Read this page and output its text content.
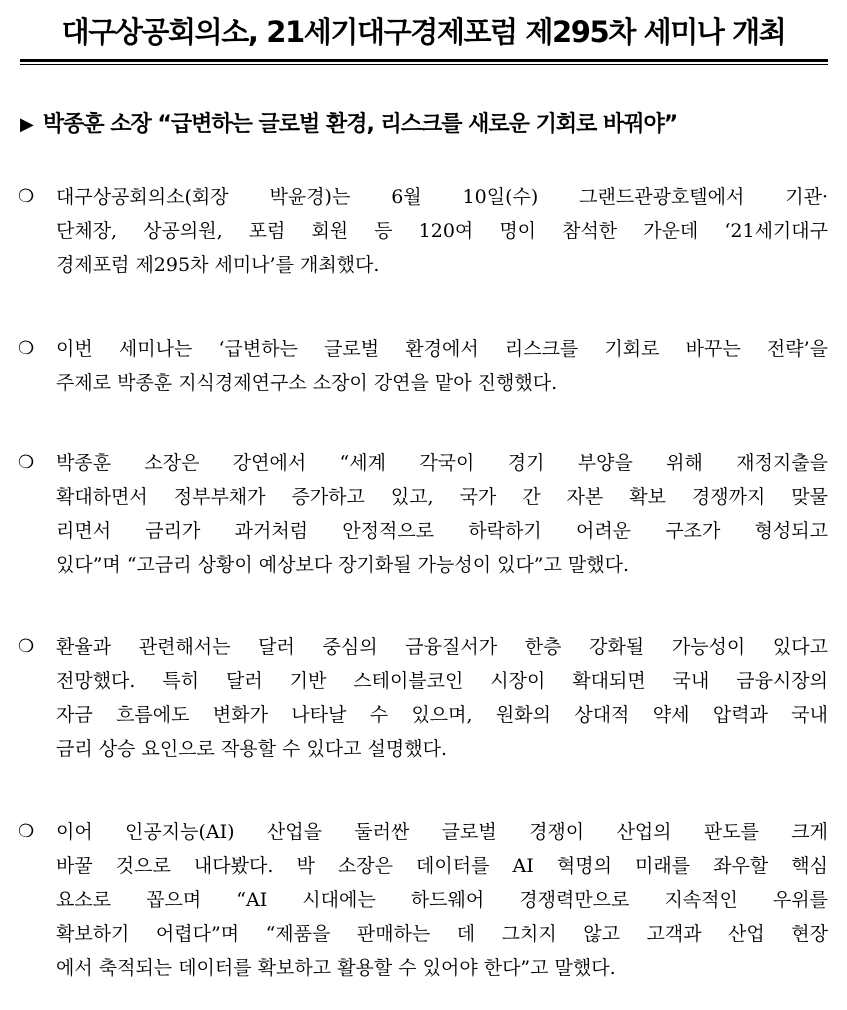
대구상공회의소, 21세기대구경제포럼 제295차 세미나 개최
▶ 박종훈 소장 “급변하는 글로벌 환경, 리스크를 새로운 기회로 바꿔야”
❍ 대구상공회의소(회장 박윤경)는 6월 10일(수) 그랜드관광호텔에서 기관·
단체장, 상공의원, 포럼 회원 등 120여 명이 참석한 가운데 ‘21세기대구
경제포럼 제295차 세미나’를 개최했다.
❍ 이번 세미나는 ‘급변하는 글로벌 환경에서 리스크를 기회로 바꾸는 전략’을
주제로 박종훈 지식경제연구소 소장이 강연을 맡아 진행했다.
❍ 박종훈 소장은 강연에서 “세계 각국이 경기 부양을 위해 재정지출을
확대하면서 정부부채가 증가하고 있고, 국가 간 자본 확보 경쟁까지 맞물
리면서 금리가 과거처럼 안정적으로 하락하기 어려운 구조가 형성되고
있다”며 “고금리 상황이 예상보다 장기화될 가능성이 있다”고 말했다.
❍ 환율과 관련해서는 달러 중심의 금융질서가 한층 강화될 가능성이 있다고
전망했다. 특히 달러 기반 스테이블코인 시장이 확대되면 국내 금융시장의
자금 흐름에도 변화가 나타날 수 있으며, 원화의 상대적 약세 압력과 국내
금리 상승 요인으로 작용할 수 있다고 설명했다.
❍ 이어 인공지능(AI) 산업을 둘러싼 글로벌 경쟁이 산업의 판도를 크게
바꿀 것으로 내다봤다. 박 소장은 데이터를 AI 혁명의 미래를 좌우할 핵심
요소로 꼽으며 “AI 시대에는 하드웨어 경쟁력만으로 지속적인 우위를
확보하기 어렵다”며 “제품을 판매하는 데 그치지 않고 고객과 산업 현장
에서 축적되는 데이터를 확보하고 활용할 수 있어야 한다”고 말했다.
